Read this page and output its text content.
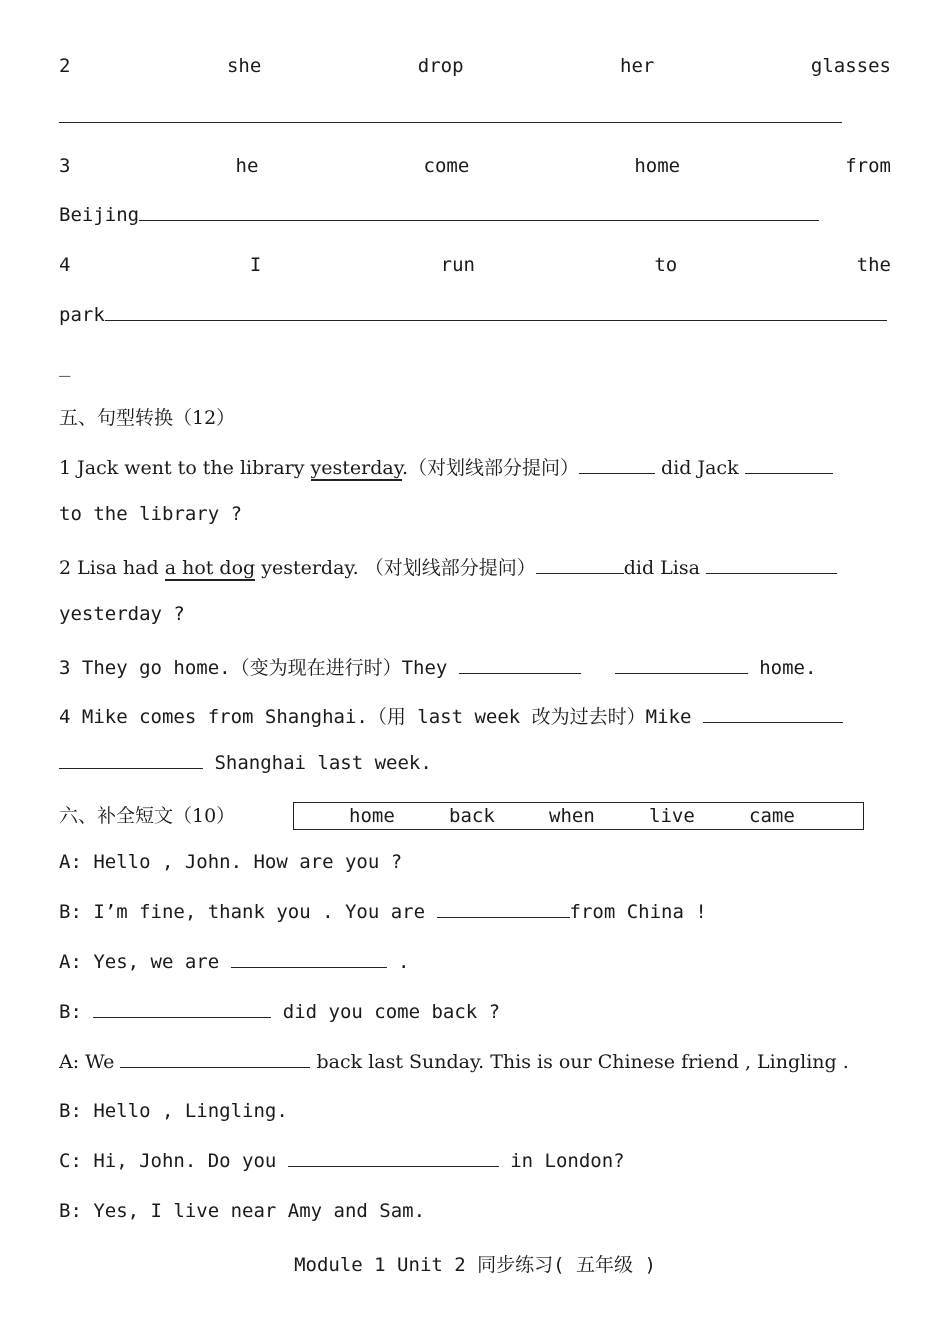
2	she	drop	her	glasses
3	he	come	home	from
Beijing
4	I	run	to	the
park
_
五、句型转换（12）
1 Jack went to the library yesterday.（对划线部分提问）	did Jack
to the library ?
2 Lisa had a hot dog yesterday. （对划线部分提问）	did Lisa
yesterday ?
3 They go home.（变为现在进行时）They	home.
4 Mike comes from Shanghai.（用 last week 改为过去时）Mike
Shanghai last week.
六、补全短文（10）	home	back	when	live	came
A: Hello , John. How are you ?
B: I’m fine, thank you . You are	from China !
A: Yes, we are	.
B:	did you come back ?
A: We	back last Sunday. This is our Chinese friend , Lingling .
B: Hello , Lingling.
C: Hi, John. Do you	in London?
B: Yes, I live near Amy and Sam.
Module 1 Unit 2 同步练习( 五年级 )
